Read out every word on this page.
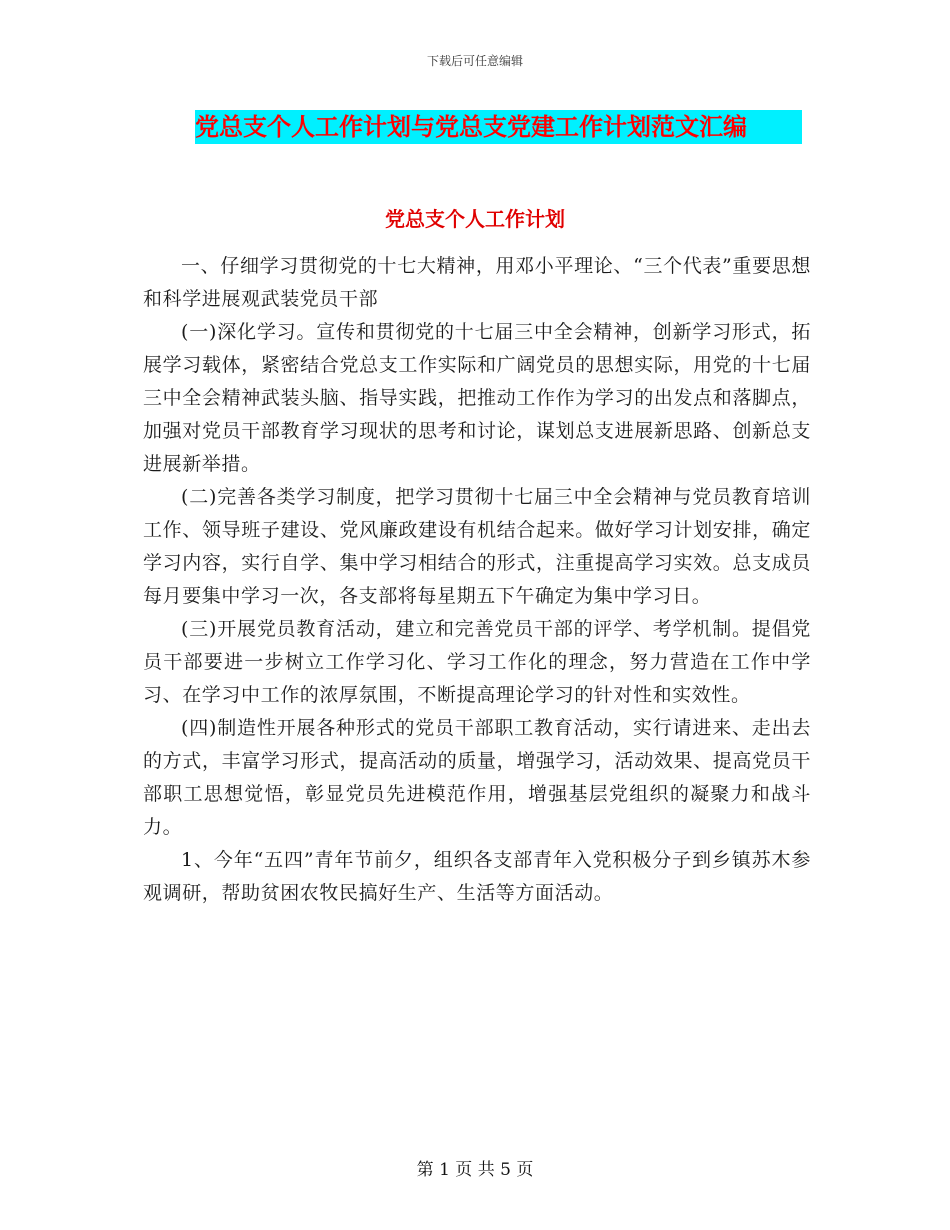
下载后可任意编辑
党总支个人工作计划与党总支党建工作计划范文汇编
党总支个人工作计划

一、仔细学习贯彻党的十七大精神，用邓小平理论、“三个代表”重要思想和科学进展观武装党员干部

(一)深化学习。宣传和贯彻党的十七届三中全会精神，创新学习形式，拓展学习载体，紧密结合党总支工作实际和广阔党员的思想实际，用党的十七届三中全会精神武装头脑、指导实践，把推动工作作为学习的出发点和落脚点，加强对党员干部教育学习现状的思考和讨论，谋划总支进展新思路、创新总支进展新举措。

(二)完善各类学习制度，把学习贯彻十七届三中全会精神与党员教育培训工作、领导班子建设、党风廉政建设有机结合起来。做好学习计划安排，确定学习内容，实行自学、集中学习相结合的形式，注重提高学习实效。总支成员每月要集中学习一次，各支部将每星期五下午确定为集中学习日。

(三)开展党员教育活动，建立和完善党员干部的评学、考学机制。提倡党员干部要进一步树立工作学习化、学习工作化的理念，努力营造在工作中学习、在学习中工作的浓厚氛围，不断提高理论学习的针对性和实效性。

(四)制造性开展各种形式的党员干部职工教育活动，实行请进来、走出去的方式，丰富学习形式，提高活动的质量，增强学习，活动效果、提高党员干部职工思想觉悟，彰显党员先进模范作用，增强基层党组织的凝聚力和战斗力。

1、今年“五四”青年节前夕，组织各支部青年入党积极分子到乡镇苏木参观调研，帮助贫困农牧民搞好生产、生活等方面活动。

第 1 页 共 5 页
